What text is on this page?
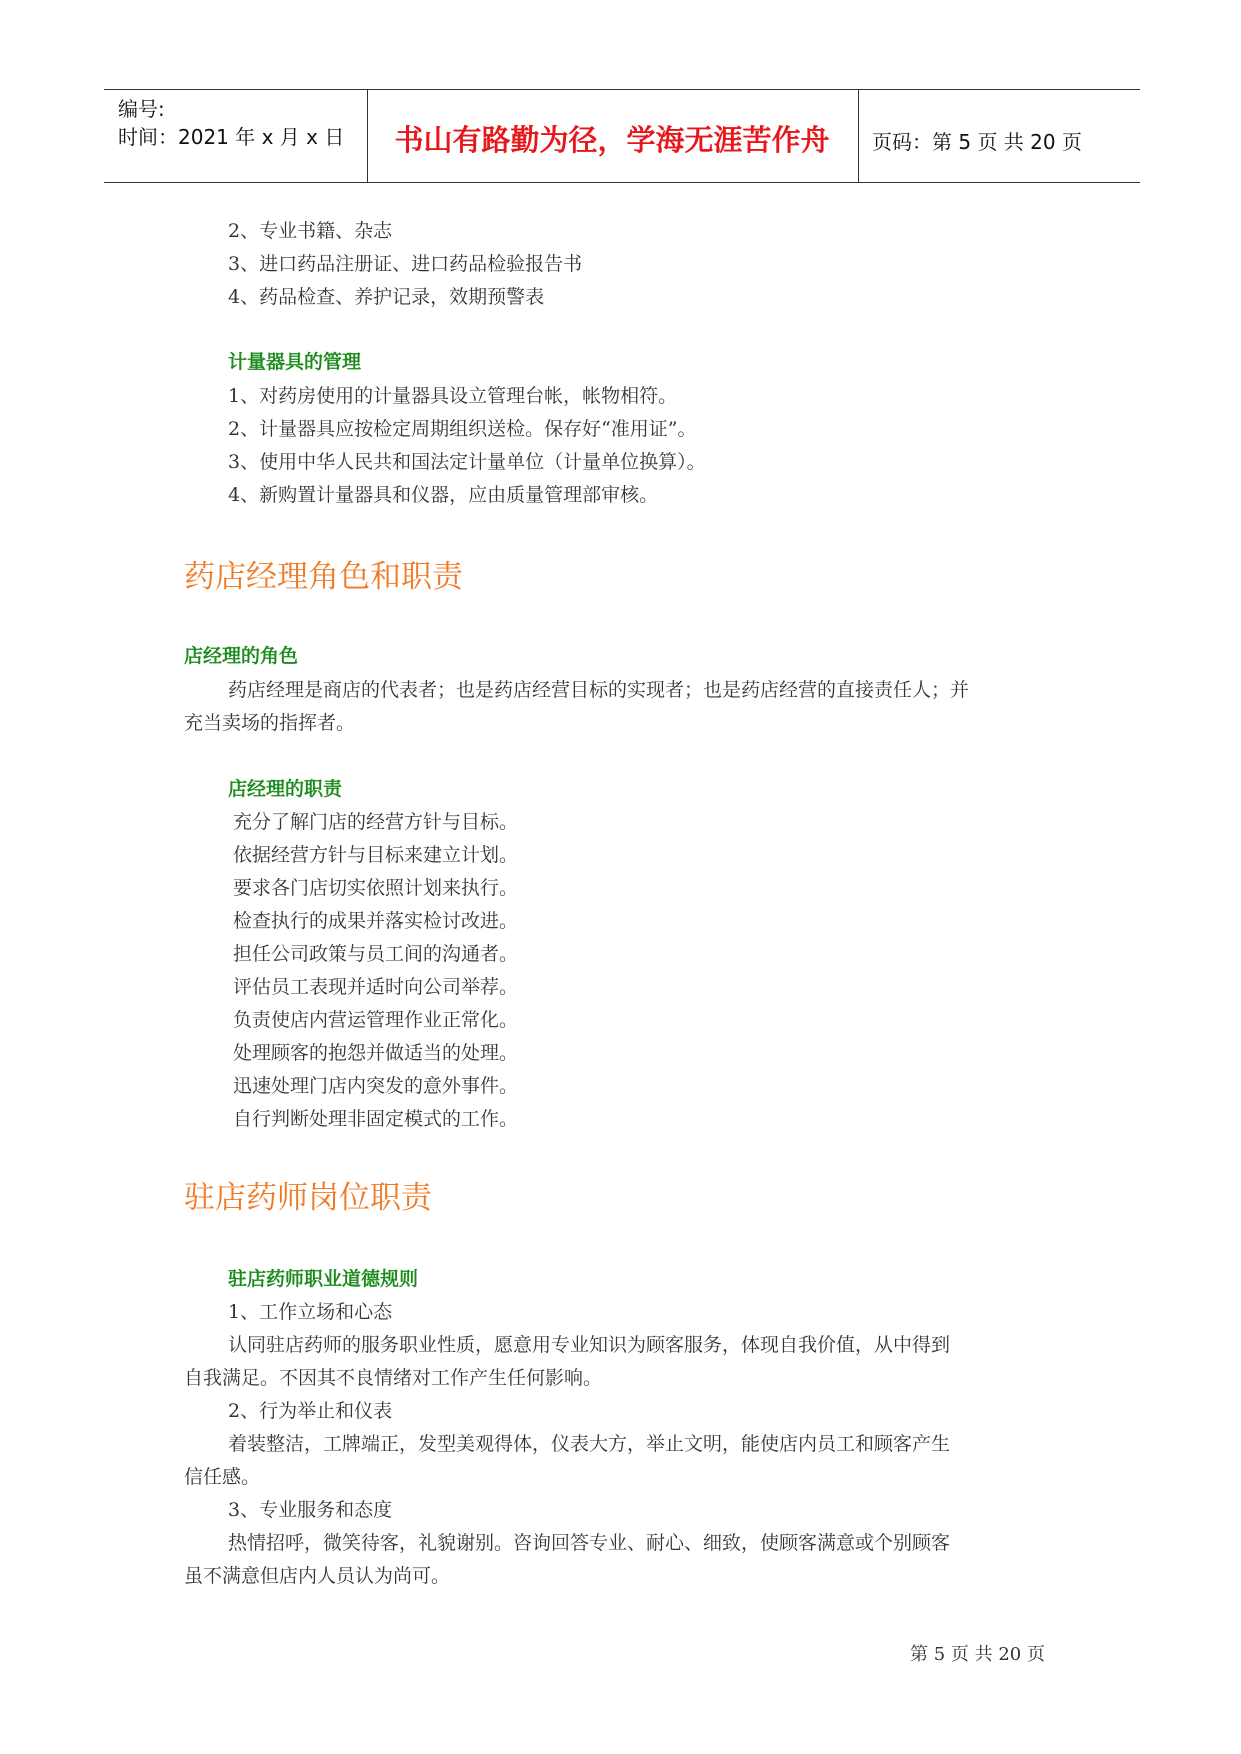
编号:
时间：2021 年 x 月 x 日	书山有路勤为径，学海无涯苦作舟	页码：第 5 页 共 20 页
2、专业书籍、杂志
3、进口药品注册证、进口药品检验报告书
4、药品检查、养护记录，效期预警表
计量器具的管理
1、对药房使用的计量器具设立管理台帐，帐物相符。
2、计量器具应按检定周期组织送检。保存好“准用证”。
3、使用中华人民共和国法定计量单位（计量单位换算）。
4、新购置计量器具和仪器，应由质量管理部审核。
药店经理角色和职责
店经理的角色
药店经理是商店的代表者；也是药店经营目标的实现者；也是药店经营的直接责任人；并
充当卖场的指挥者。
店经理的职责
充分了解门店的经营方针与目标。
依据经营方针与目标来建立计划。
要求各门店切实依照计划来执行。
检查执行的成果并落实检讨改进。
担任公司政策与员工间的沟通者。
评估员工表现并适时向公司举荐。
负责使店内营运管理作业正常化。
处理顾客的抱怨并做适当的处理。
迅速处理门店内突发的意外事件。
自行判断处理非固定模式的工作。
驻店药师岗位职责
驻店药师职业道德规则
1、工作立场和心态
认同驻店药师的服务职业性质，愿意用专业知识为顾客服务，体现自我价值，从中得到
自我满足。不因其不良情绪对工作产生任何影响。
2、行为举止和仪表
着装整洁，工牌端正，发型美观得体，仪表大方，举止文明，能使店内员工和顾客产生
信任感。
3、专业服务和态度
热情招呼，微笑待客，礼貌谢别。咨询回答专业、耐心、细致，使顾客满意或个别顾客
虽不满意但店内人员认为尚可。
第 5 页 共 20 页
